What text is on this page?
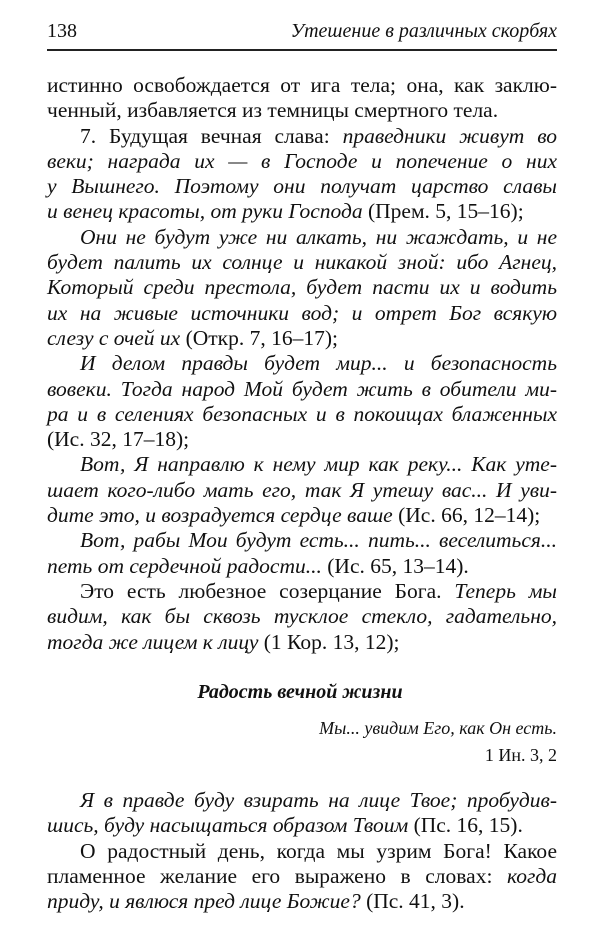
138	Утешение в различных скорбях
истинно освобождается от ига тела; она, как заклю-
ченный, избавляется из темницы смертного тела.
7. Будущая вечная слава: праведники живут во
веки; награда их — в Господе и попечение о них
у Вышнего. Поэтому они получат царство славы
и венец красоты, от руки Господа (Прем. 5, 15–16);
Они не будут уже ни алкать, ни жаждать, и не
будет палить их солнце и никакой зной: ибо Агнец,
Который среди престола, будет пасти их и водить
их на живые источники вод; и отрет Бог всякую
слезу с очей их (Откр. 7, 16–17);
И делом правды будет мир... и безопасность
вовеки. Тогда народ Мой будет жить в обители ми-
ра и в селениях безопасных и в покоищах блаженных
(Ис. 32, 17–18);
Вот, Я направлю к нему мир как реку... Как уте-
шает кого-либо мать его, так Я утешу вас... И уви-
дите это, и возрадуется сердце ваше (Ис. 66, 12–14);
Вот, рабы Мои будут есть... пить... веселиться...
петь от сердечной радости... (Ис. 65, 13–14).
Это есть любезное созерцание Бога. Теперь мы
видим, как бы сквозь тусклое стекло, гадательно,
тогда же лицем к лицу (1 Кор. 13, 12);
Радость вечной жизни
Мы... увидим Его, как Он есть.
1 Ин. 3, 2
Я в правде буду взирать на лице Твое; пробудив-
шись, буду насыщаться образом Твоим (Пс. 16, 15).
О радостный день, когда мы узрим Бога! Какое
пламенное желание его выражено в словах: когда
приду, и явлюся пред лице Божие? (Пс. 41, 3).
